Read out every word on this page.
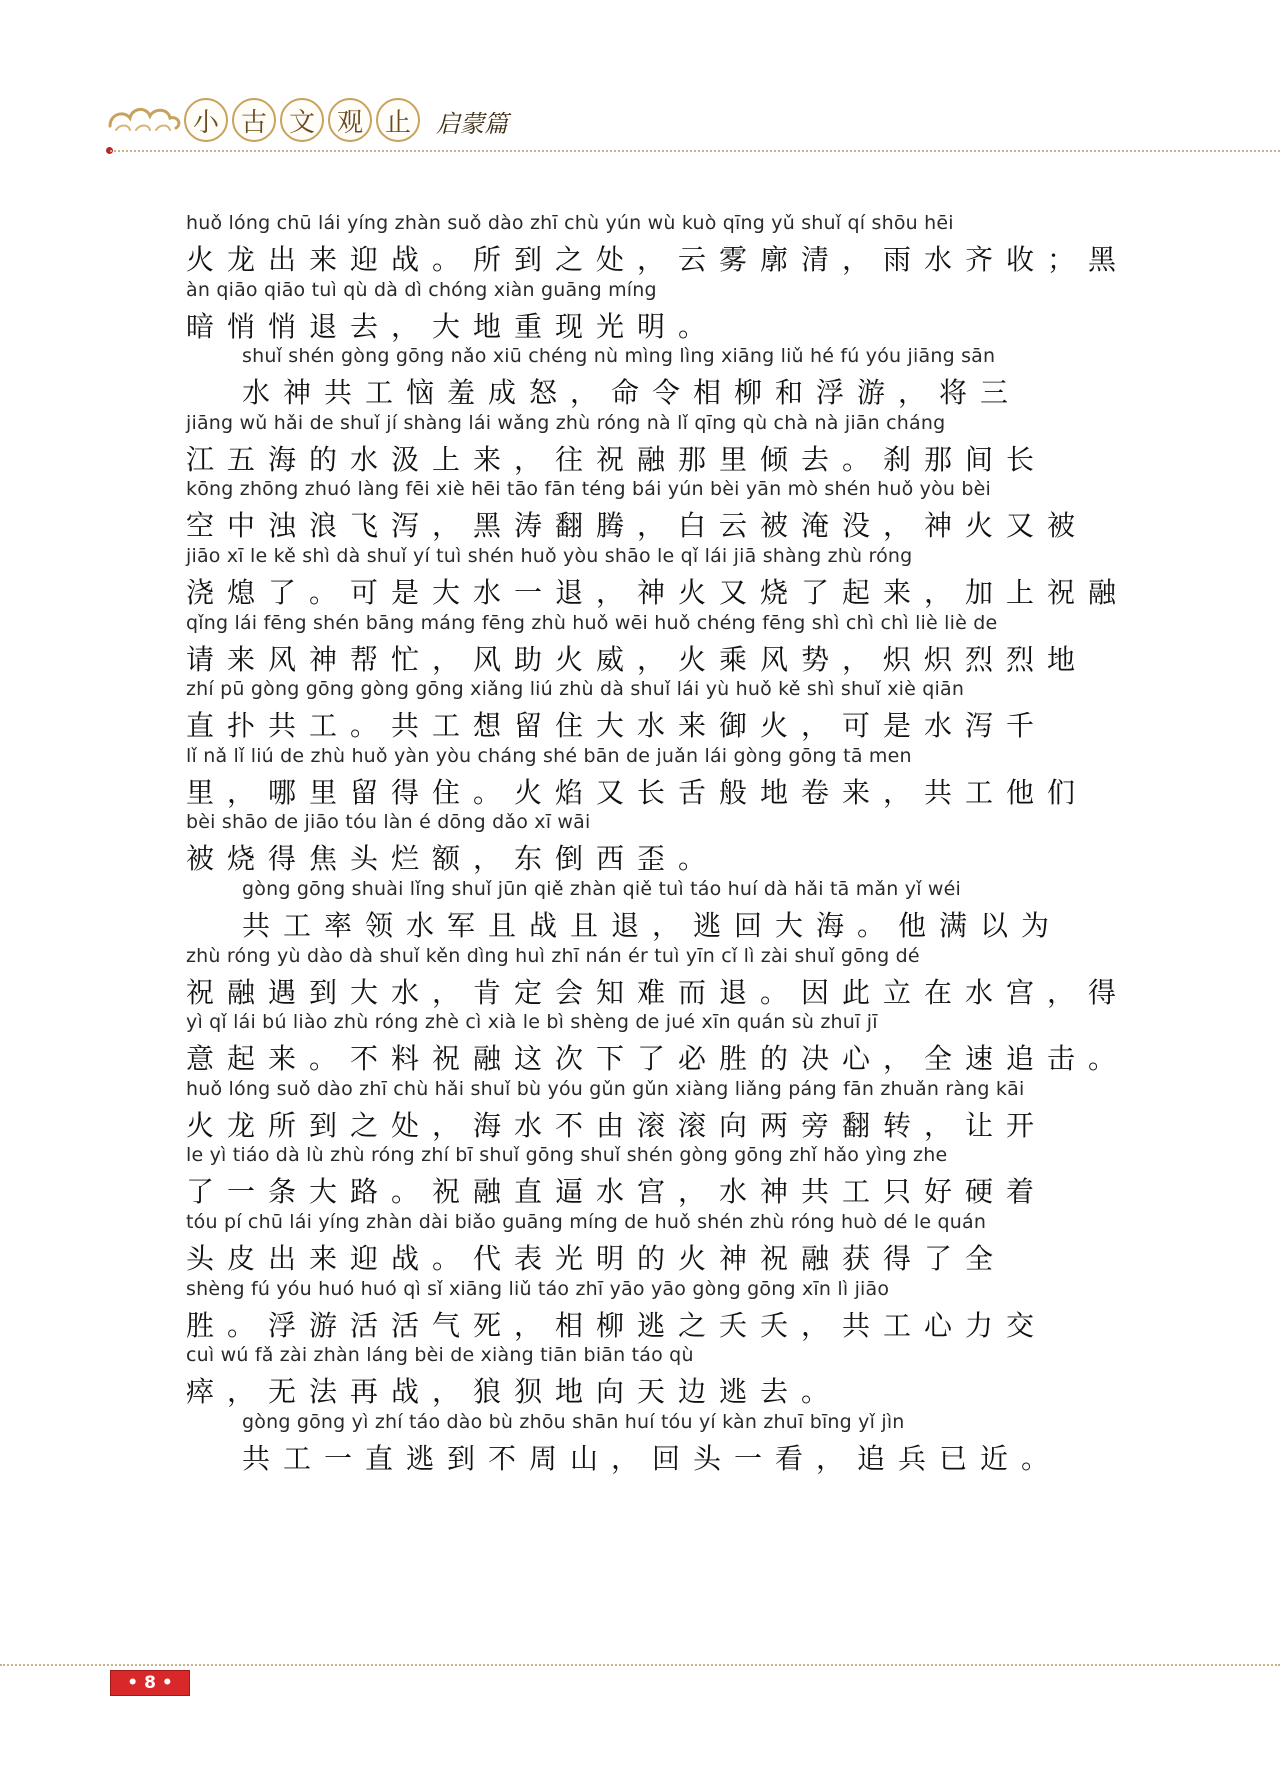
小 古 文 观 止	启蒙篇
huǒ lóng chū lái yíng zhàn suǒ dào zhī chù yún wù kuò qīng yǔ shuǐ qí shōu hēi
火龙出来迎战。所到之处，云雾廓清，雨水齐收；黑
àn qiāo qiāo tuì qù dà dì chóng xiàn guāng míng
暗悄悄退去，大地重现光明。
shuǐ shén gòng gōng nǎo xiū chéng nù mìng lìng xiāng liǔ hé fú yóu jiāng sān
水神共工恼羞成怒，命令相柳和浮游，将三
jiāng wǔ hǎi de shuǐ jí shàng lái wǎng zhù róng nà lǐ qīng qù chà nà jiān cháng
江五海的水汲上来，往祝融那里倾去。刹那间长
kōng zhōng zhuó làng fēi xiè hēi tāo fān téng bái yún bèi yān mò shén huǒ yòu bèi
空中浊浪飞泻，黑涛翻腾，白云被淹没，神火又被
jiāo xī le kě shì dà shuǐ yí tuì shén huǒ yòu shāo le qǐ lái jiā shàng zhù róng
浇熄了。可是大水一退，神火又烧了起来，加上祝融
qǐng lái fēng shén bāng máng fēng zhù huǒ wēi huǒ chéng fēng shì chì chì liè liè de
请来风神帮忙，风助火威，火乘风势，炽炽烈烈地
zhí pū gòng gōng gòng gōng xiǎng liú zhù dà shuǐ lái yù huǒ kě shì shuǐ xiè qiān
直扑共工。共工想留住大水来御火，可是水泻千
lǐ nǎ lǐ liú de zhù huǒ yàn yòu cháng shé bān de juǎn lái gòng gōng tā men
里，哪里留得住。火焰又长舌般地卷来，共工他们
bèi shāo de jiāo tóu làn é dōng dǎo xī wāi
被烧得焦头烂额，东倒西歪。
gòng gōng shuài lǐng shuǐ jūn qiě zhàn qiě tuì táo huí dà hǎi tā mǎn yǐ wéi
共工率领水军且战且退，逃回大海。他满以为
zhù róng yù dào dà shuǐ kěn dìng huì zhī nán ér tuì yīn cǐ lì zài shuǐ gōng dé
祝融遇到大水，肯定会知难而退。因此立在水宫，得
yì qǐ lái bú liào zhù róng zhè cì xià le bì shèng de jué xīn quán sù zhuī jī
意起来。不料祝融这次下了必胜的决心，全速追击。
huǒ lóng suǒ dào zhī chù hǎi shuǐ bù yóu gǔn gǔn xiàng liǎng páng fān zhuǎn ràng kāi
火龙所到之处，海水不由滚滚向两旁翻转，让开
le yì tiáo dà lù zhù róng zhí bī shuǐ gōng shuǐ shén gòng gōng zhǐ hǎo yìng zhe
了一条大路。祝融直逼水宫，水神共工只好硬着
tóu pí chū lái yíng zhàn dài biǎo guāng míng de huǒ shén zhù róng huò dé le quán
头皮出来迎战。代表光明的火神祝融获得了全
shèng fú yóu huó huó qì sǐ xiāng liǔ táo zhī yāo yāo gòng gōng xīn lì jiāo
胜。浮游活活气死，相柳逃之夭夭，共工心力交
cuì wú fǎ zài zhàn láng bèi de xiàng tiān biān táo qù
瘁，无法再战，狼狈地向天边逃去。
gòng gōng yì zhí táo dào bù zhōu shān huí tóu yí kàn zhuī bīng yǐ jìn
共工一直逃到不周山，回头一看，追兵已近。
• 8 •
